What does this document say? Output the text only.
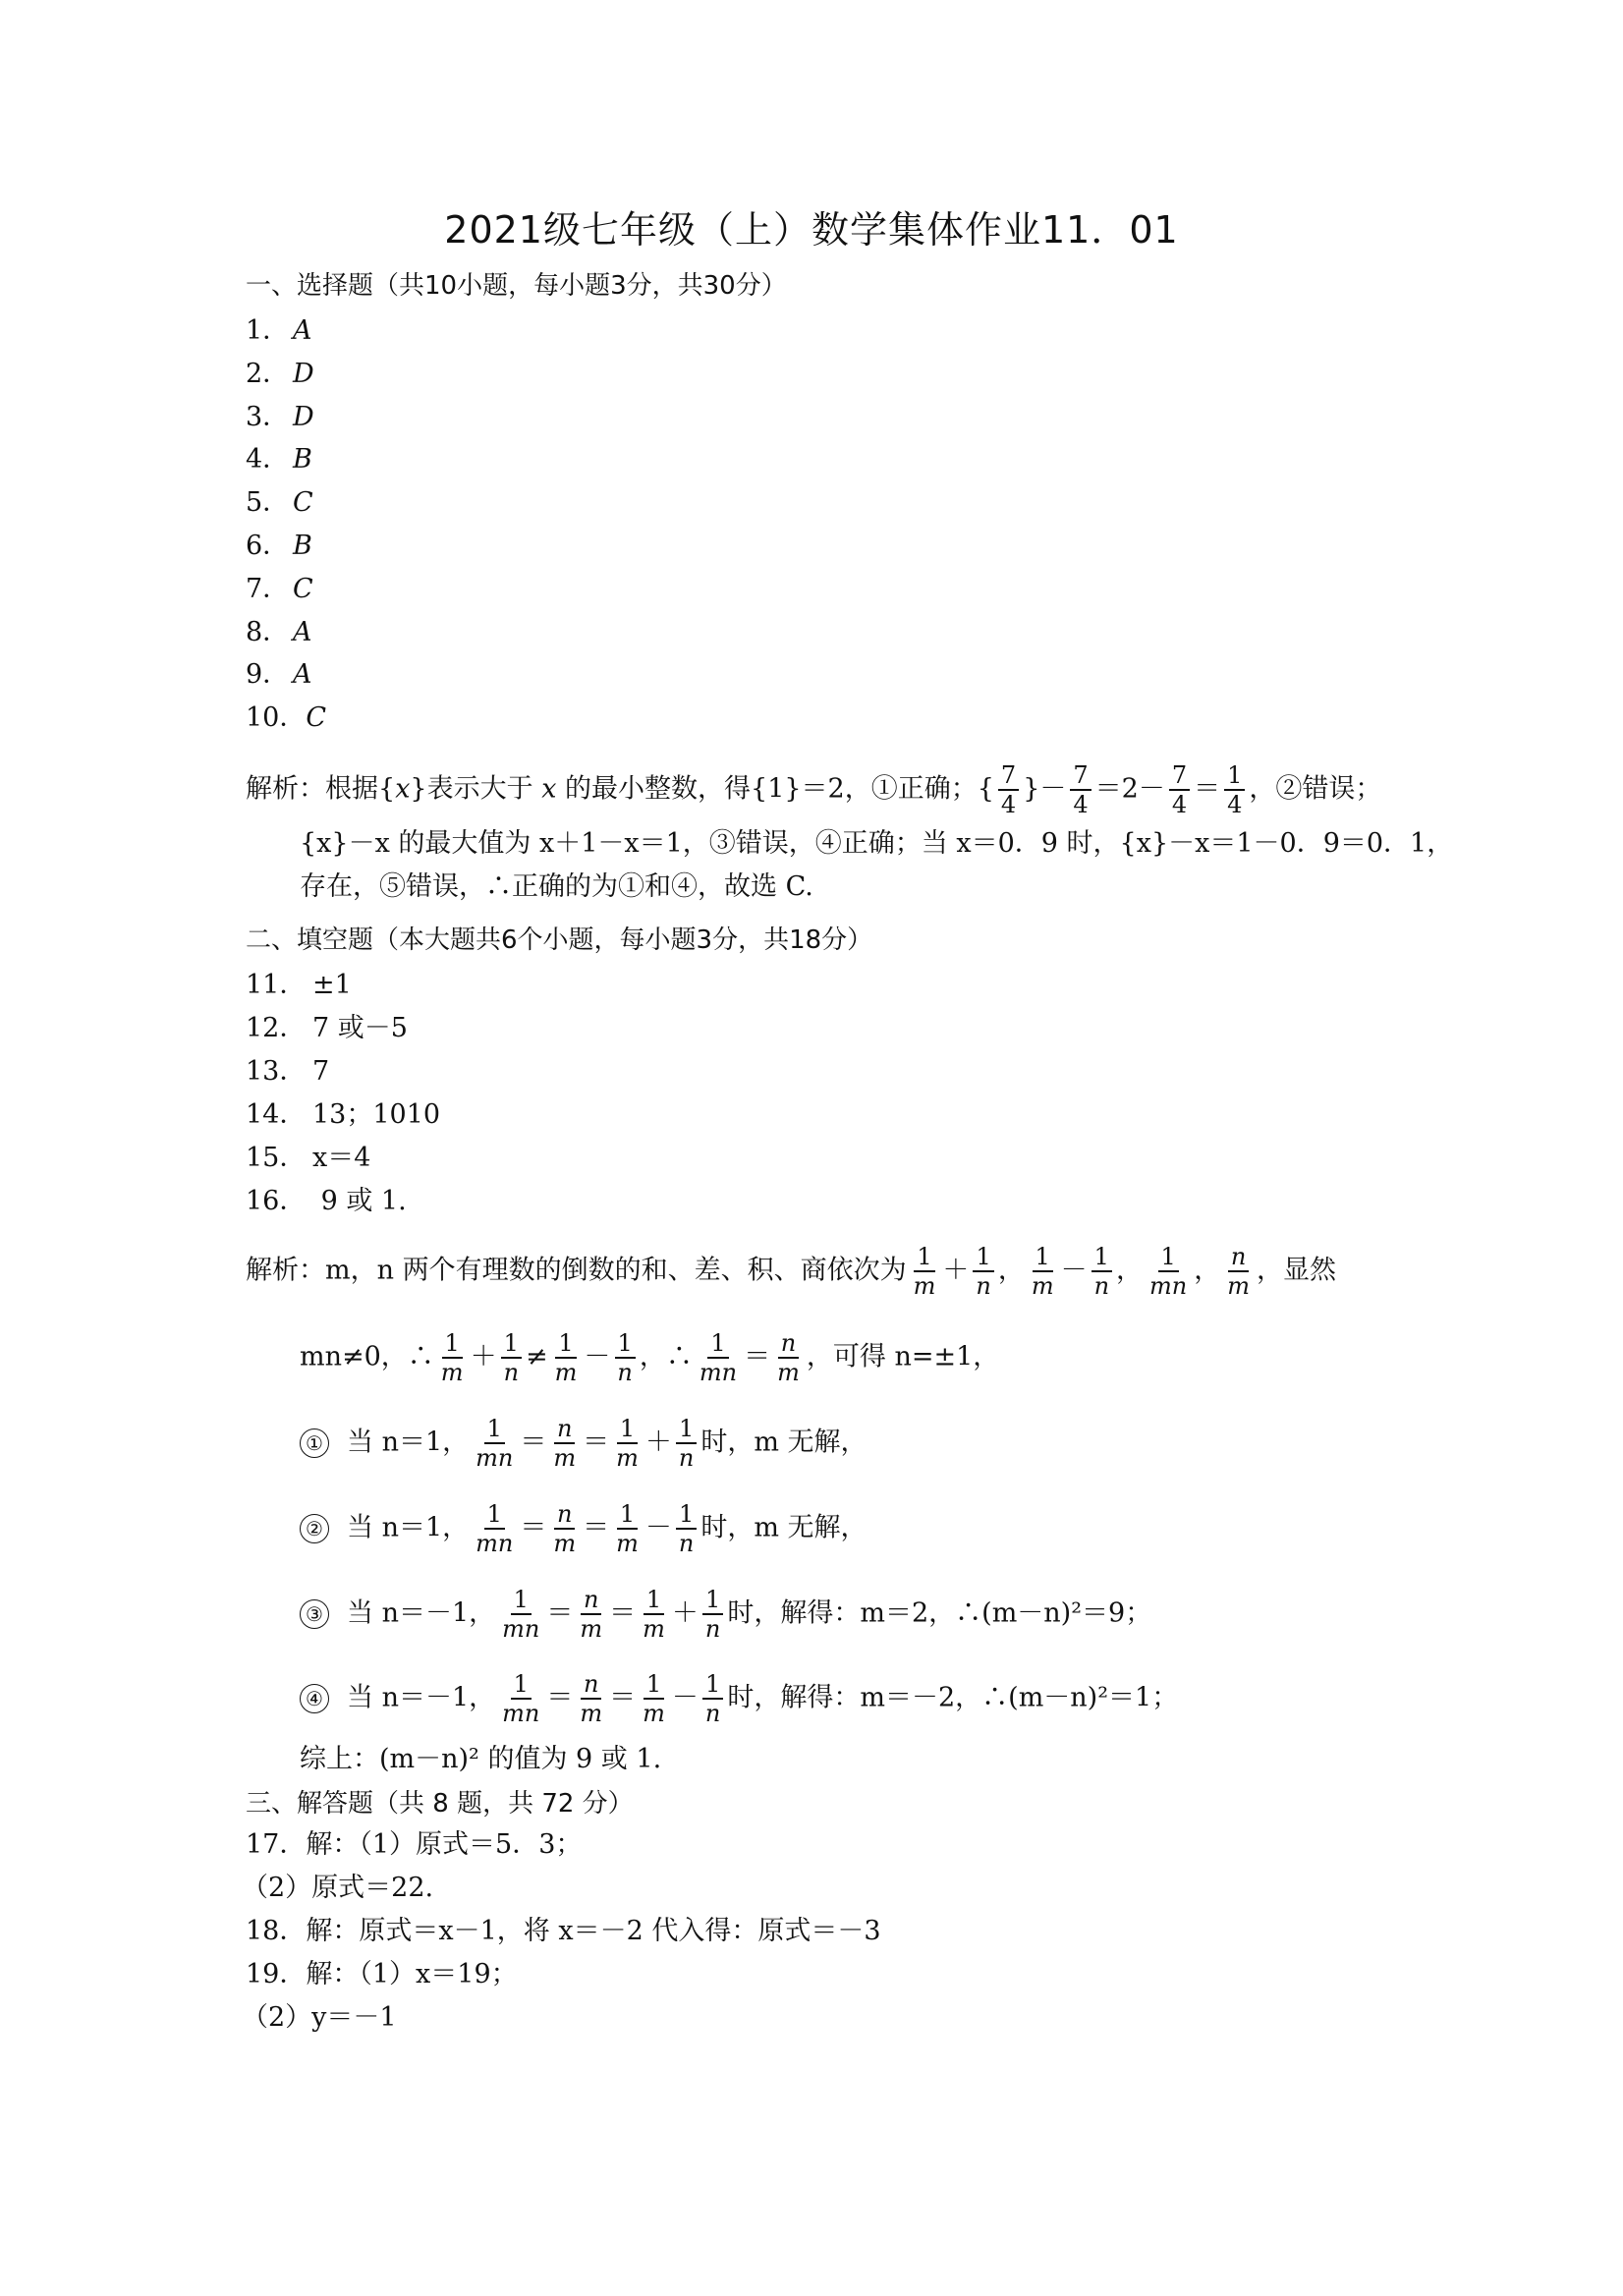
2021级七年级（上）数学集体作业11．01
一、选择题（共10小题，每小题3分，共30分）
1． A
2． D
3． D
4． B
5． C
6． B
7． C
8． A
9． A
10．C
解析：根据{x}表示大于 x 的最小整数，得{1}＝2，①正确；{ $\frac{7}{4}$ }－ $\frac{7}{4} =2- \frac{7}{4} = \frac{1}{4}$ ，②错误；
{x}－x 的最大值为 x＋1－x＝1，③错误，④正确；当 x＝0．9 时，{x}－x＝1－0．9＝0．1，
存在，⑤错误，∴正确的为①和④，故选 C.
二、填空题（本大题共6个小题，每小题3分，共18分）
11． ±1
12． 7 或－5
13． 7
14． 13；1010
15． x＝4
16． 9 或 1.
解析：m，n 两个有理数的倒数的和、差、积、商依次为 $\frac{1}{m} + \frac{1}{n}$ ， $\frac{1}{m} - \frac{1}{n}$ ， $\frac{1}{mn}$ ， $\frac{n}{m}$ ，显然
mn≠0，∴ $\frac{1}{m} + \frac{1}{n} \ne \frac{1}{m} - \frac{1}{n}$ ，∴ $\frac{1}{mn} = \frac{n}{m}$ ，可得 n=±1，
① 当 n＝1， $\frac{1}{mn} = \frac{n}{m} = \frac{1}{m} + \frac{1}{n}$ 时，m 无解，
② 当 n＝1， $\frac{1}{mn} = \frac{n}{m} = \frac{1}{m} - \frac{1}{n}$ 时，m 无解，
③ 当 n＝－1， $\frac{1}{mn} = \frac{n}{m} = \frac{1}{m} + \frac{1}{n}$ 时，解得：m＝2，∴(m－n)²＝9；
④ 当 n＝－1， $\frac{1}{mn} = \frac{n}{m} = \frac{1}{m} - \frac{1}{n}$ 时，解得：m＝－2，∴(m－n)²＝1；
综上：(m－n)² 的值为 9 或 1.
三、解答题（共 8 题，共 72 分）
17．解：（1）原式＝5．3；
（2）原式＝22.
18．解：原式＝x－1，将 x＝－2 代入得：原式＝－3
19．解：（1）x＝19；
（2）y＝－1
